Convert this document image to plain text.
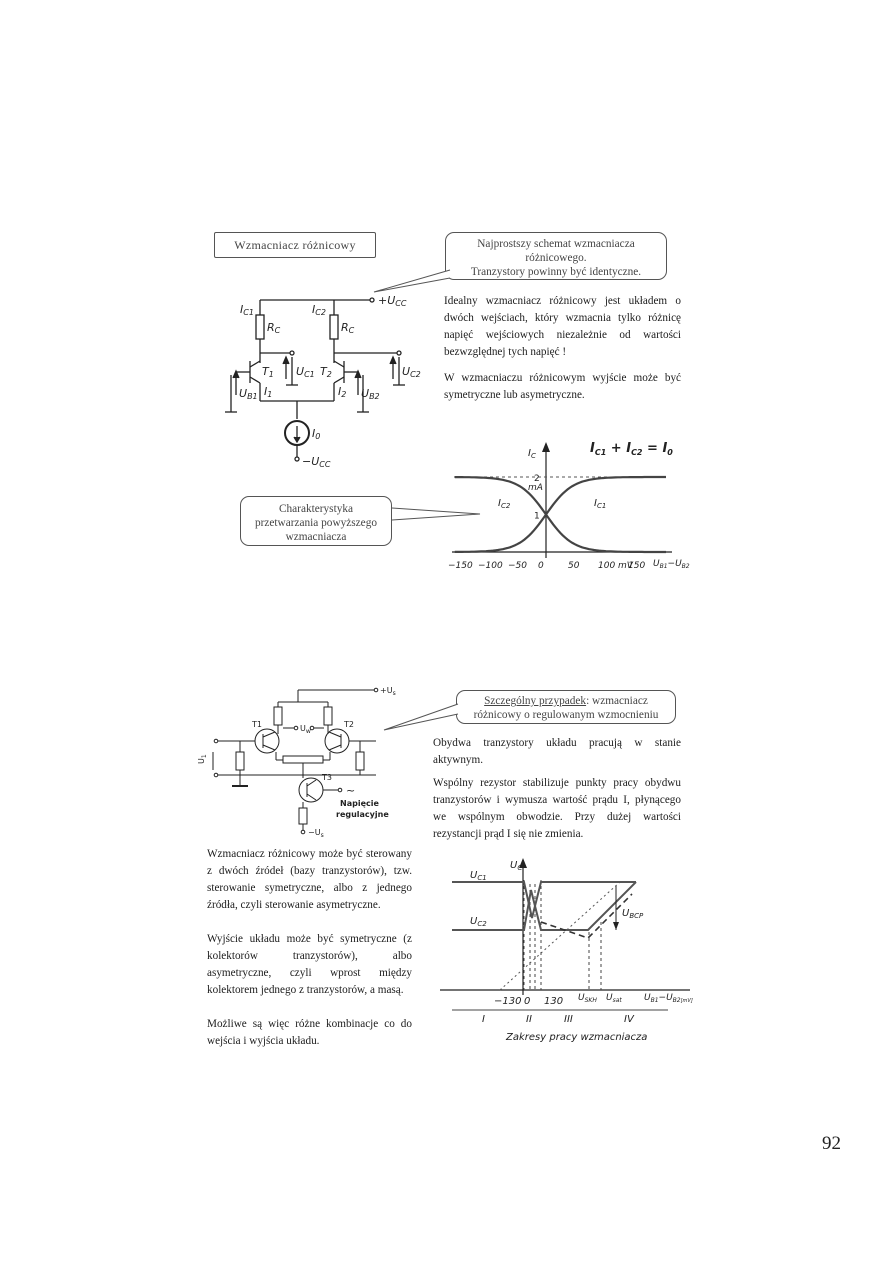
Wzmacniacz różnicowy	Najprostszy schemat wzmacniacza
różnicowego.
Tranzystory powinny być identyczne.
Idealny wzmacniacz różnicowy jest układem o dwóch wejściach, który wzmacnia tylko różnicę napięć wejściowych niezależnie od wartości bezwzględnej tych napięć !
W wzmacniaczu różnicowym wyjście może być symetryczne lub asymetryczne.
+UCC
−UCC
IC1	IC2
RC	RC
T1	T2
UC1	UC2
UB1	UB2
I1	I2
I0
Charakterystyka
przetwarzania powyższego
wzmacniacza
−150 −100 −50 0	50 100 mV
150
1
2
$I_{C1} + I_{C2} = I_0$
$I_C$
mA
$I_{C2}$	$I_{C1}$
$U_{B1}-U_{B2}$
$+U_s$
T1	T2
T3
$U_w$
$U_1$
$-U_s$
~
Napięcie
regulacyjne
Szczególny przypadek: wzmacniacz
różnicowy o regulowanym wzmocnieniu
Obydwa tranzystory układu pracują w stanie aktywnym.
Wspólny rezystor stabilizuje punkty pracy obydwu tranzystorów i wymusza wartość prądu I, płynącego we wspólnym obwodzie. Przy dużej wartości rezystancji prąd I się nie zmienia.
Wzmacniacz różnicowy może być sterowany z dwóch źródeł (bazy tranzystorów), tzw. sterowanie symetryczne, albo z jednego źródła, czyli sterowanie asymetryczne.
Wyjście układu może być symetryczne (z kolektorów tranzystorów), albo asymetryczne, czyli wprost między kolektorem jednego z tranzystorów, a masą.
Możliwe są więc różne kombinacje co do wejścia i wyjścia układu.
$U_C$
$U_{C1}$
$U_{C2}$
$U_{BCP}$
−130 0 130 $U_{SKH}$ $U_{sat}$ $U_{B1}-U_{B2}[mV]$
I	II	III	IV
Zakresy pracy wzmacniacza
92
